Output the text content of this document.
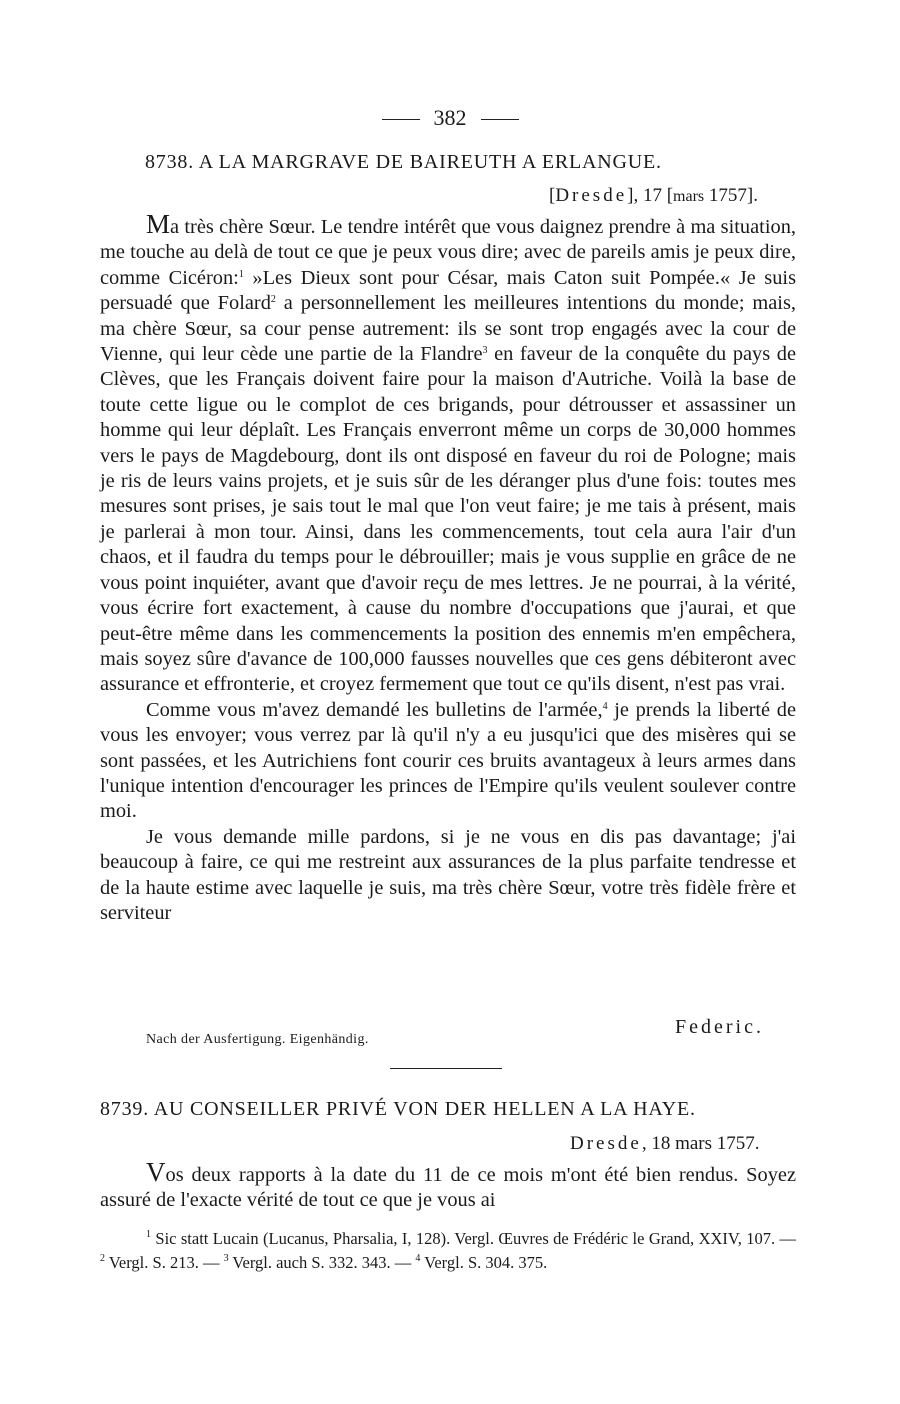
382
8738. A LA MARGRAVE DE BAIREUTH A ERLANGUE.
[Dresde], 17 [mars 1757].

Ma très chère Sœur. Le tendre intérêt que vous daignez prendre à ma situation, me touche au delà de tout ce que je peux vous dire; avec de pareils amis je peux dire, comme Cicéron:$^1$ »Les Dieux sont pour César, mais Caton suit Pompée.« Je suis persuadé que Folard$^2$ a personnellement les meilleures intentions du monde; mais, ma chère Sœur, sa cour pense autrement: ils se sont trop engagés avec la cour de Vienne, qui leur cède une partie de la Flandre$^3$ en faveur de la conquête du pays de Clèves, que les Français doivent faire pour la maison d'Autriche. Voilà la base de toute cette ligue ou le complot de ces brigands, pour détrousser et assassiner un homme qui leur déplaît. Les Français enverront même un corps de 30,000 hommes vers le pays de Magdebourg, dont ils ont disposé en faveur du roi de Pologne; mais je ris de leurs vains projets, et je suis sûr de les déranger plus d'une fois: toutes mes mesures sont prises, je sais tout le mal que l'on veut faire; je me tais à présent, mais je parlerai à mon tour. Ainsi, dans les commencements, tout cela aura l'air d'un chaos, et il faudra du temps pour le débrouiller; mais je vous supplie en grâce de ne vous point inquiéter, avant que d'avoir reçu de mes lettres. Je ne pourrai, à la vérité, vous écrire fort exactement, à cause du nombre d'occupations que j'aurai, et que peut-être même dans les commencements la position des ennemis m'en empêchera, mais soyez sûre d'avance de 100,000 fausses nouvelles que ces gens débiteront avec assurance et effronterie, et croyez fermement que tout ce qu'ils disent, n'est pas vrai.

Comme vous m'avez demandé les bulletins de l'armée,$^4$ je prends la liberté de vous les envoyer; vous verrez par là qu'il n'y a eu jusqu'ici que des misères qui se sont passées, et les Autrichiens font courir ces bruits avantageux à leurs armes dans l'unique intention d'encourager les princes de l'Empire qu'ils veulent soulever contre moi.

Je vous demande mille pardons, si je ne vous en dis pas davantage; j'ai beaucoup à faire, ce qui me restreint aux assurances de la plus parfaite tendresse et de la haute estime avec laquelle je suis, ma très chère Sœur, votre très fidèle frère et serviteur

Federic.
Nach der Ausfertigung. Eigenhändig.
8739. AU CONSEILLER PRIVÉ VON DER HELLEN A LA HAYE.
Dresde, 18 mars 1757.

Vos deux rapports à la date du 11 de ce mois m'ont été bien rendus. Soyez assuré de l'exacte vérité de tout ce que je vous ai

$^1$ Sic statt Lucain (Lucanus, Pharsalia, I, 128). Vergl. Œuvres de Frédéric le Grand, XXIV, 107. — $^2$ Vergl. S. 213. — $^3$ Vergl. auch S. 332. 343. — $^4$ Vergl. S. 304. 375.
